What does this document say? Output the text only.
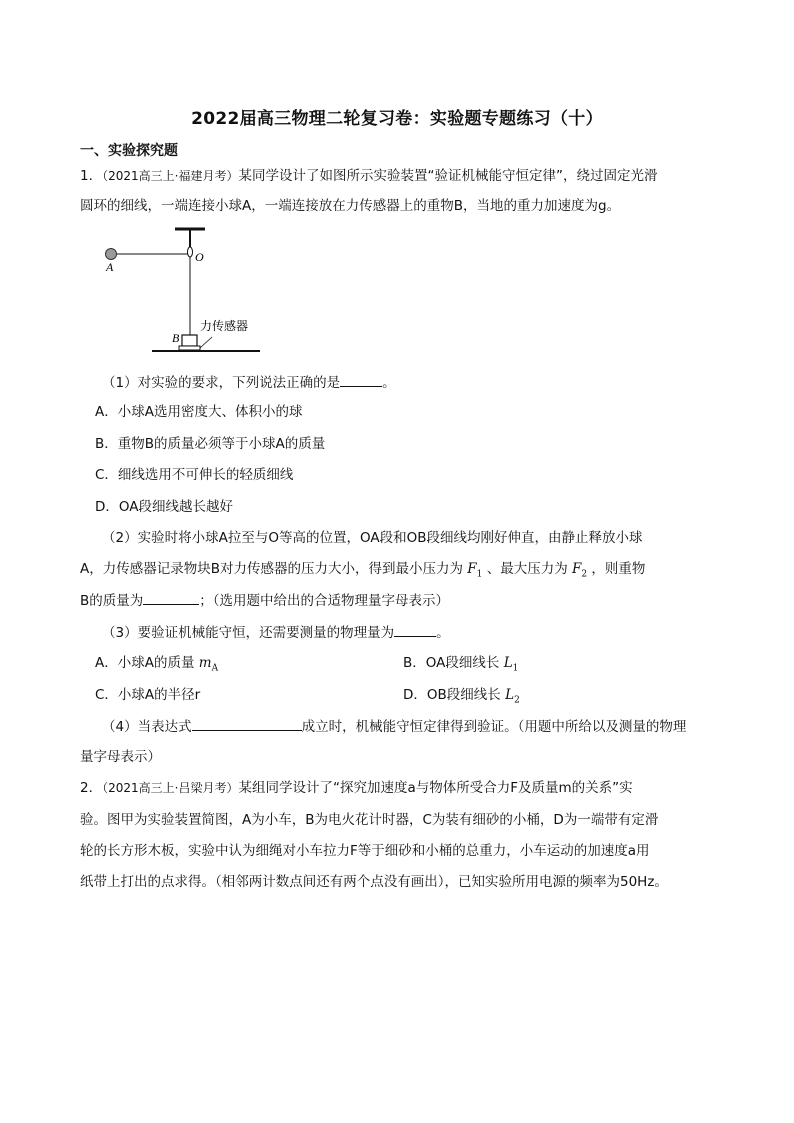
2022届高三物理二轮复习卷：实验题专题练习（十）
一、实验探究题
1．（2021高三上·福建月考）某同学设计了如图所示实验装置“验证机械能守恒定律”，绕过固定光滑
圆环的细线，一端连接小球A，一端连接放在力传感器上的重物B，当地的重力加速度为g。
A
O
B
力传感器
（1）对实验的要求，下列说法正确的是	。
A．小球A选用密度大、体积小的球
B．重物B的质量必须等于小球A的质量
C．细线选用不可伸长的轻质细线
D．OA段细线越长越好
（2）实验时将小球A拉至与O等高的位置，OA段和OB段细线均刚好伸直，由静止释放小球
A，力传感器记录物块B对力传感器的压力大小，得到最小压力为 $F_1$ 、最大压力为 $F_2$ ，则重物
B的质量为	；（选用题中给出的合适物理量字母表示）
（3）要验证机械能守恒，还需要测量的物理量为	。
A．小球A的质量 $m_A$	B．OA段细线长 $L_1$
C．小球A的半径r	D．OB段细线长 $L_2$
（4）当表达式	成立时，机械能守恒定律得到验证。（用题中所给以及测量的物理
量字母表示）
2．（2021高三上·吕梁月考）某组同学设计了“探究加速度a与物体所受合力F及质量m的关系”实
验。图甲为实验装置简图，A为小车，B为电火花计时器，C为装有细砂的小桶，D为一端带有定滑
轮的长方形木板，实验中认为细绳对小车拉力F等于细砂和小桶的总重力，小车运动的加速度a用
纸带上打出的点求得。（相邻两计数点间还有两个点没有画出），已知实验所用电源的频率为50Hz。
